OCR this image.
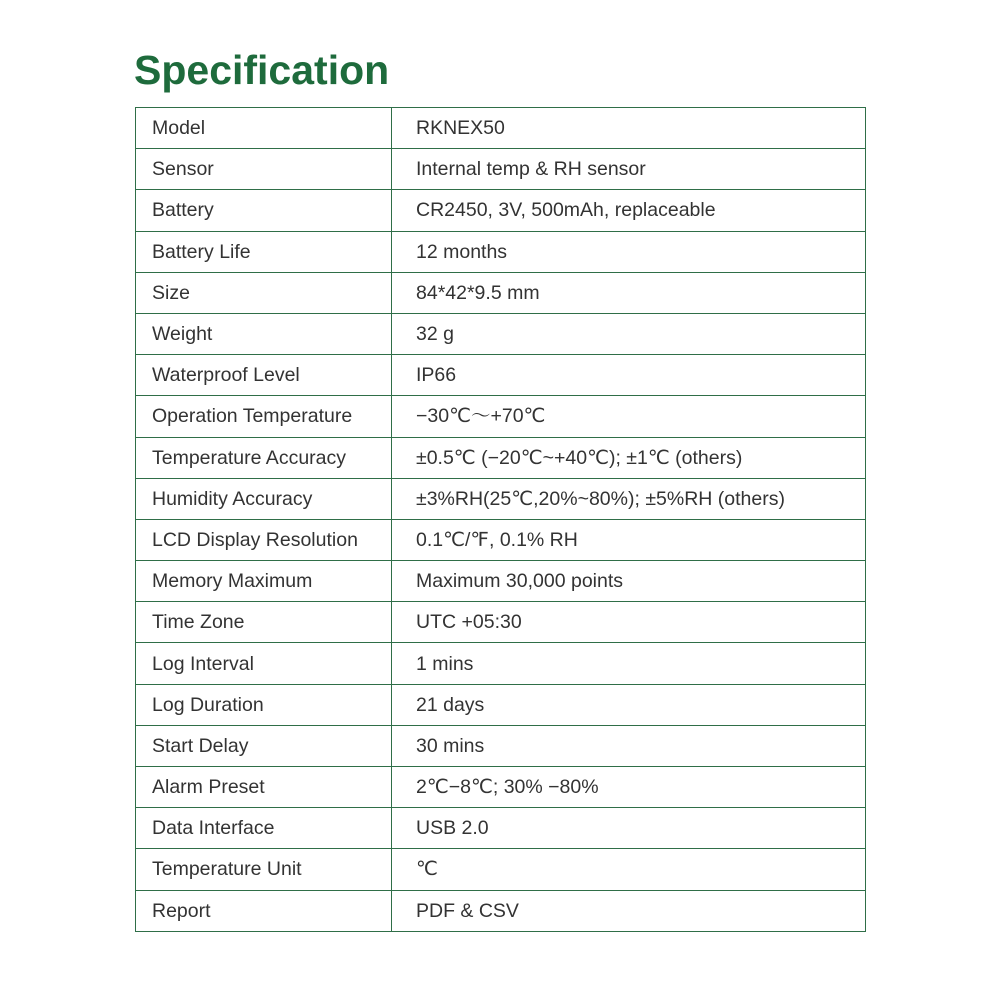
Specification
Model	RKNEX50
Sensor	Internal temp & RH sensor
Battery	CR2450, 3V, 500mAh, replaceable
Battery Life	12 months
Size	84*42*9.5 mm
Weight	32 g
Waterproof Level	IP66
Operation Temperature	−30℃～+70℃
Temperature Accuracy	±0.5℃ (−20℃~+40℃); ±1℃ (others)
Humidity Accuracy	±3%RH(25℃,20%~80%); ±5%RH (others)
LCD Display Resolution	0.1℃/℉, 0.1% RH
Memory Maximum	Maximum 30,000 points
Time Zone	UTC +05:30
Log Interval	1 mins
Log Duration	21 days
Start Delay	30 mins
Alarm Preset	2℃−8℃; 30% −80%
Data Interface	USB 2.0
Temperature Unit	℃
Report	PDF & CSV
